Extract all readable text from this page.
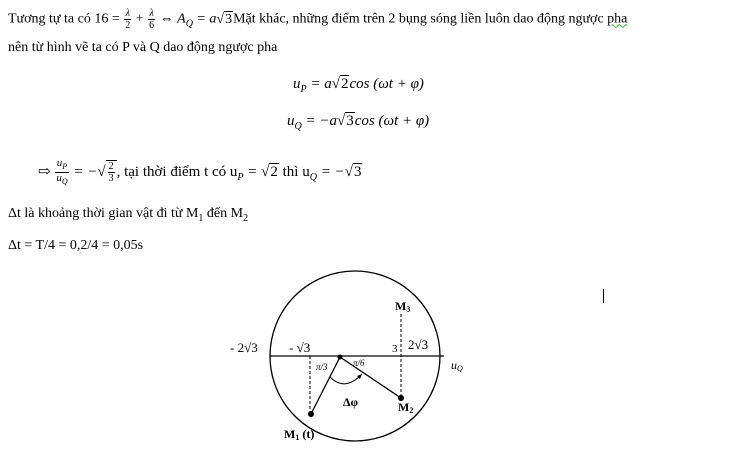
Tương tự ta có $16 = \frac{\lambda}{2} + \frac{\lambda}{6}$ ⇔ $A_Q$ = a√3Mặt khác, những điểm trên 2 bụng sóng liền luôn dao động ngược pha
nên từ hình vẽ ta có P và Q dao động ngược pha
$u_P = a√2\cos$ (ωt + φ)
$u_Q = -a√3\cos$ (ωt + φ)
⇨ $\frac{u_P}{u_Q}$ = −√ $\frac{2}{3}$ , tại thời điểm t có $u_P = √2$ thì $u_Q = -√3$
Δt là khoảng thời gian vật đi từ $M_1$ đến $M_2$
Δt = T/4 = 0,2/4 = 0,05s
- 2√3 - √3	3 2√3
uQ
M3
M2
M1 (t)
π/3	π/6
Δφ
